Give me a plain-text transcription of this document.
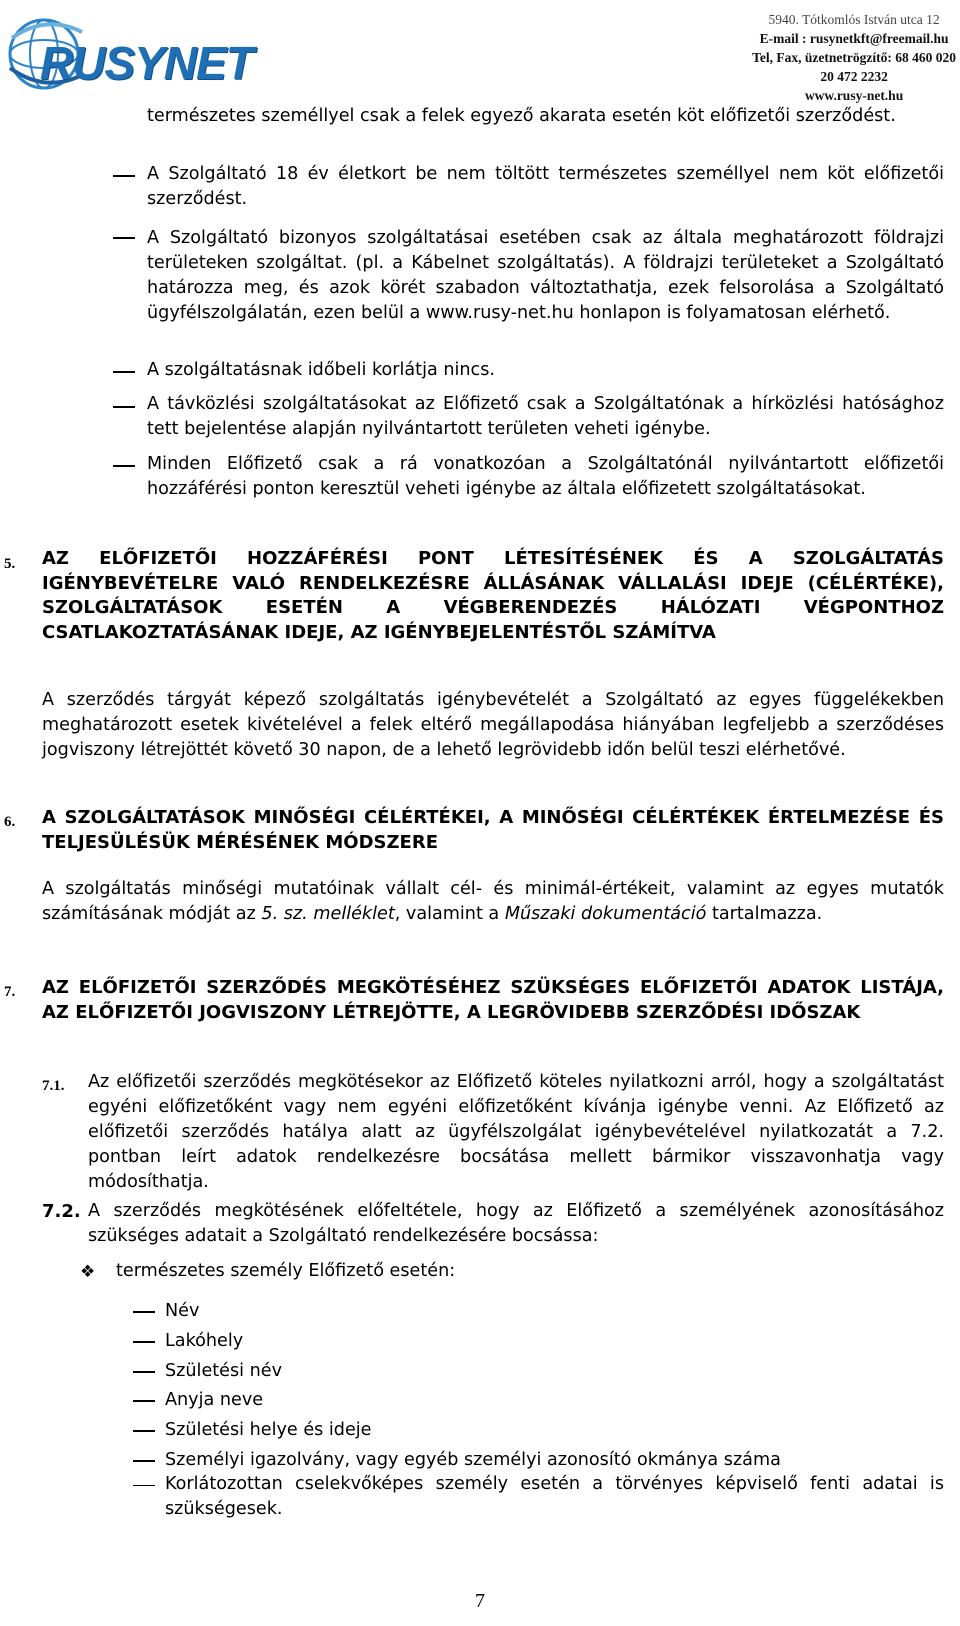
RUSYNET
5940. Tótkomlós István utca 12
E-mail : rusynetkft@freemail.hu
Tel, Fax, üzetnetrögzítő: 68 460 020
20 472 2232
www.rusy-net.hu
természetes személlyel csak a felek egyező akarata esetén köt előfizetői szerződést.
A Szolgáltató 18 év életkort be nem töltött természetes személlyel nem köt előfizetői szerződést.
A Szolgáltató bizonyos szolgáltatásai esetében csak az általa meghatározott földrajzi területeken szolgáltat. (pl. a Kábelnet szolgáltatás). A földrajzi területeket a Szolgáltató határozza meg, és azok körét szabadon változtathatja, ezek felsorolása a Szolgáltató ügyfélszolgálatán, ezen belül a www.rusy-net.hu honlapon is folyamatosan elérhető.
A szolgáltatásnak időbeli korlátja nincs.
A távközlési szolgáltatásokat az Előfizető csak a Szolgáltatónak a hírközlési hatósághoz tett bejelentése alapján nyilvántartott területen veheti igénybe.
Minden Előfizető csak a rá vonatkozóan a Szolgáltatónál nyilvántartott előfizetői hozzáférési ponton keresztül veheti igénybe az általa előfizetett szolgáltatásokat.
5. AZ ELŐFIZETŐI HOZZÁFÉRÉSI PONT LÉTESÍTÉSÉNEK ÉS A SZOLGÁLTATÁS IGÉNYBEVÉTELRE VALÓ RENDELKEZÉSRE ÁLLÁSÁNAK VÁLLALÁSI IDEJE (CÉLÉRTÉKE), SZOLGÁLTATÁSOK ESETÉN A VÉGBERENDEZÉS HÁLÓZATI VÉGPONTHOZ CSATLAKOZTATÁSÁNAK IDEJE, AZ IGÉNYBEJELENTÉSTŐL SZÁMÍTVA
A szerződés tárgyát képező szolgáltatás igénybevételét a Szolgáltató az egyes függelékekben meghatározott esetek kivételével a felek eltérő megállapodása hiányában legfeljebb a szerződéses jogviszony létrejöttét követő 30 napon, de a lehető legrövidebb időn belül teszi elérhetővé.
6. A SZOLGÁLTATÁSOK MINŐSÉGI CÉLÉRTÉKEI, A MINŐSÉGI CÉLÉRTÉKEK ÉRTELMEZÉSE ÉS TELJESÜLÉSÜK MÉRÉSÉNEK MÓDSZERE
A szolgáltatás minőségi mutatóinak vállalt cél- és minimál-értékeit, valamint az egyes mutatók számításának módját az 5. sz. melléklet, valamint a Műszaki dokumentáció tartalmazza.
7. AZ ELŐFIZETŐI SZERZŐDÉS MEGKÖTÉSÉHEZ SZÜKSÉGES ELŐFIZETŐI ADATOK LISTÁJA, AZ ELŐFIZETŐI JOGVISZONY LÉTREJÖTTE, A LEGRÖVIDEBB SZERZŐDÉSI IDŐSZAK
7.1. Az előfizetői szerződés megkötésekor az Előfizető köteles nyilatkozni arról, hogy a szolgáltatást egyéni előfizetőként vagy nem egyéni előfizetőként kívánja igénybe venni. Az Előfizető az előfizetői szerződés hatálya alatt az ügyfélszolgálat igénybevételével nyilatkozatát a 7.2. pontban leírt adatok rendelkezésre bocsátása mellett bármikor visszavonhatja vagy módosíthatja.
7.2. A szerződés megkötésének előfeltétele, hogy az Előfizető a személyének azonosításához szükséges adatait a Szolgáltató rendelkezésére bocsássa:
❖ természetes személy Előfizető esetén:
Név
Lakóhely
Születési név
Anyja neve
Születési helye és ideje
Személyi igazolvány, vagy egyéb személyi azonosító okmánya száma
Korlátozottan cselekvőképes személy esetén a törvényes képviselő fenti adatai is szükségesek.
7
